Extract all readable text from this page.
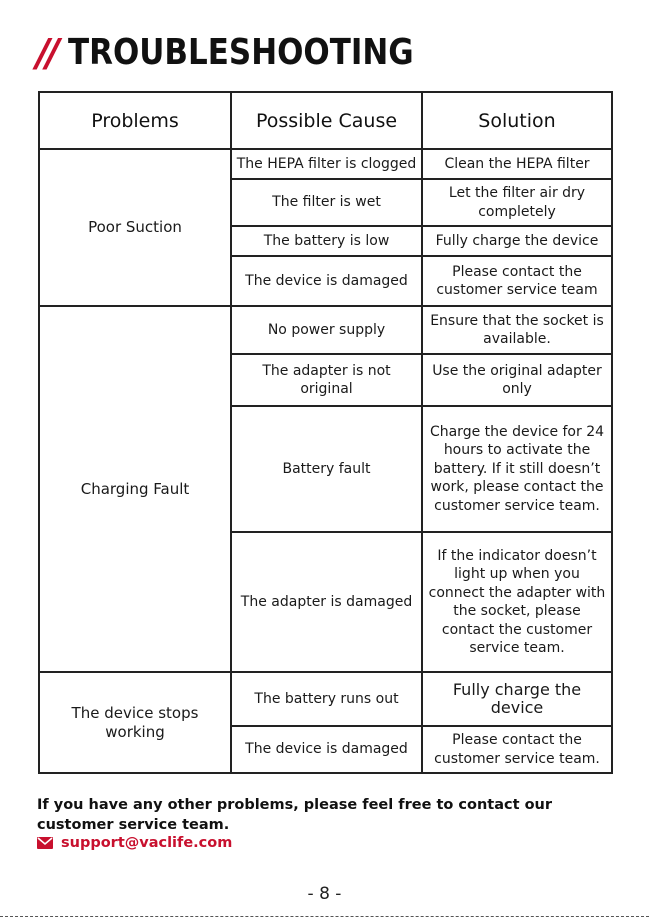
// TROUBLESHOOTING
Problems	Possible Cause	Solution
Poor Suction	The HEPA filter is clogged	Clean the HEPA filter
	The filter is wet	Let the filter air dry completely
	The battery is low	Fully charge the device
	The device is damaged	Please contact the customer service team
Charging Fault	No power supply	Ensure that the socket is available.
	The adapter is not original	Use the original adapter only
	Battery fault	Charge the device for 24 hours to activate the battery. If it still doesn’t work, please contact the customer service team.
	The adapter is damaged	If the indicator doesn’t light up when you connect the adapter with the socket, please contact the customer service team.
The device stops working	The battery runs out	Fully charge the device
	The device is damaged	Please contact the customer service team.
If you have any other problems, please feel free to contact our customer service team.
support@vaclife.com
- 8 -
